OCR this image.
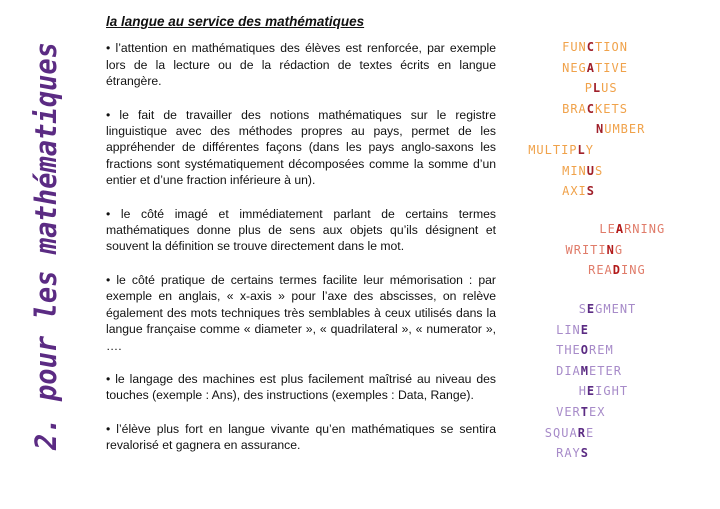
2. pour les mathématiques	la langue au service des mathématiques

• l’attention en mathématiques des élèves est renforcée, par exemple lors de la lecture ou de la rédaction de textes écrits en langue étrangère.

• le fait de travailler des notions mathématiques sur le registre linguistique avec des méthodes propres au pays, permet de les appréhender de différentes façons (dans les pays anglo-saxons les fractions sont systématiquement décomposées comme la somme d’un entier et d’une fraction inférieure à un).

• le côté imagé et immédiatement parlant de certains termes mathématiques donne plus de sens aux objets qu’ils désignent et souvent la définition se trouve directement dans le mot.

• le côté pratique de certains termes facilite leur mémorisation : par exemple en anglais, « x-axis » pour l’axe des abscisses, on relève également des mots techniques très semblables à ceux utilisés dans la langue française comme « diameter », « quadrilateral », « numerator », ….

• le langage des machines est plus facilement maîtrisé au niveau des touches (exemple : Ans), des instructions (exemples : Data, Range).

• l’élève plus fort en langue vivante qu’en mathématiques se sentira revalorisé et gagnera en assurance.

function
negative
plus
brackets
number
multiply
minus
axis
learning
writing
reading
segment
line
theorem
diameter
height
vertex
square
rays
